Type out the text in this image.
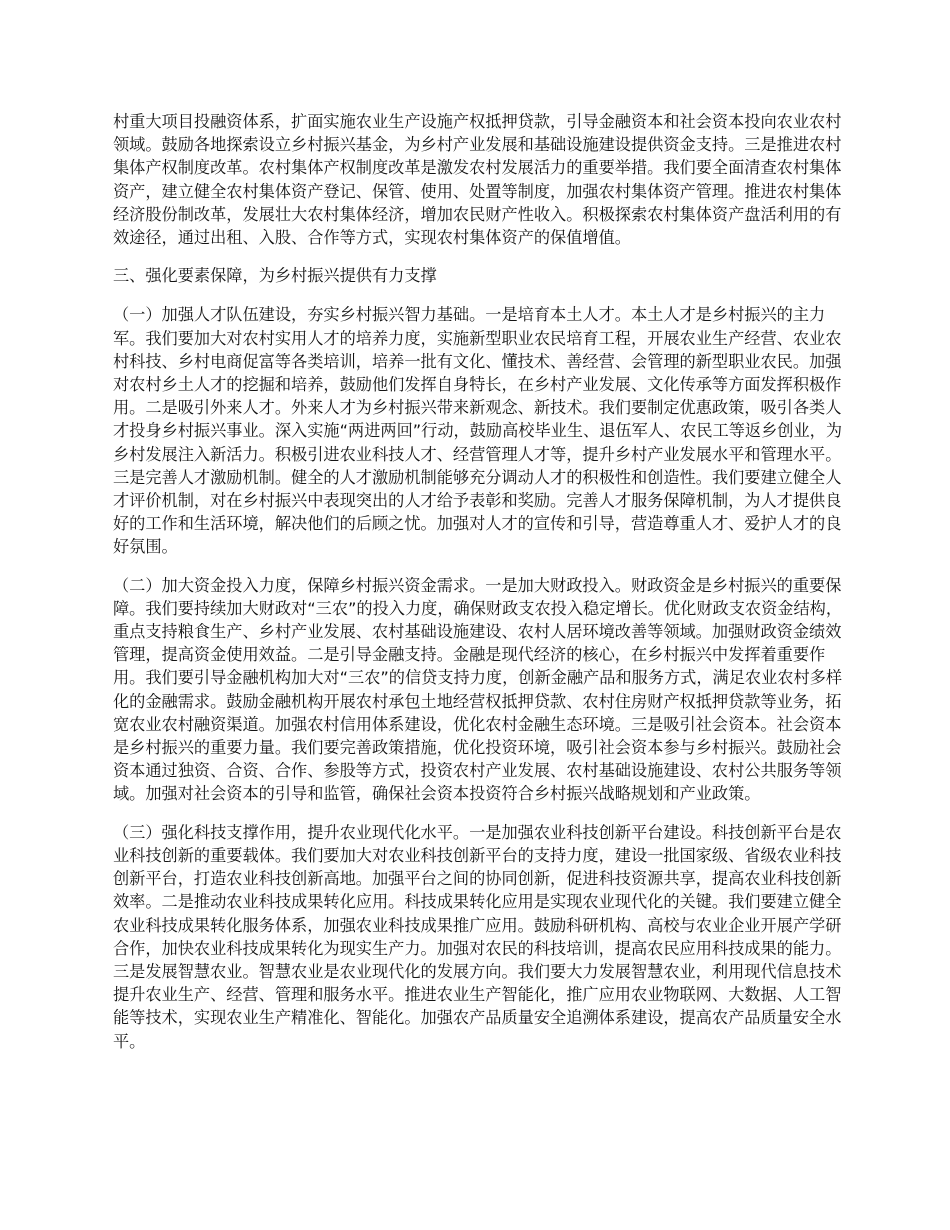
村重大项目投融资体系，扩面实施农业生产设施产权抵押贷款，引导金融资本和社会资本投向农业农村领域。鼓励各地探索设立乡村振兴基金，为乡村产业发展和基础设施建设提供资金支持。三是推进农村集体产权制度改革。农村集体产权制度改革是激发农村发展活力的重要举措。我们要全面清查农村集体资产，建立健全农村集体资产登记、保管、使用、处置等制度，加强农村集体资产管理。推进农村集体经济股份制改革，发展壮大农村集体经济，增加农民财产性收入。积极探索农村集体资产盘活利用的有效途径，通过出租、入股、合作等方式，实现农村集体资产的保值增值。

三、强化要素保障，为乡村振兴提供有力支撑

（一）加强人才队伍建设，夯实乡村振兴智力基础。一是培育本土人才。本土人才是乡村振兴的主力军。我们要加大对农村实用人才的培养力度，实施新型职业农民培育工程，开展农业生产经营、农业农村科技、乡村电商促富等各类培训，培养一批有文化、懂技术、善经营、会管理的新型职业农民。加强对农村乡土人才的挖掘和培养，鼓励他们发挥自身特长，在乡村产业发展、文化传承等方面发挥积极作用。二是吸引外来人才。外来人才为乡村振兴带来新观念、新技术。我们要制定优惠政策，吸引各类人才投身乡村振兴事业。深入实施“两进两回”行动，鼓励高校毕业生、退伍军人、农民工等返乡创业，为乡村发展注入新活力。积极引进农业科技人才、经营管理人才等，提升乡村产业发展水平和管理水平。三是完善人才激励机制。健全的人才激励机制能够充分调动人才的积极性和创造性。我们要建立健全人才评价机制，对在乡村振兴中表现突出的人才给予表彰和奖励。完善人才服务保障机制，为人才提供良好的工作和生活环境，解决他们的后顾之忧。加强对人才的宣传和引导，营造尊重人才、爱护人才的良好氛围。

（二）加大资金投入力度，保障乡村振兴资金需求。一是加大财政投入。财政资金是乡村振兴的重要保障。我们要持续加大财政对“三农”的投入力度，确保财政支农投入稳定增长。优化财政支农资金结构，重点支持粮食生产、乡村产业发展、农村基础设施建设、农村人居环境改善等领域。加强财政资金绩效管理，提高资金使用效益。二是引导金融支持。金融是现代经济的核心，在乡村振兴中发挥着重要作用。我们要引导金融机构加大对“三农”的信贷支持力度，创新金融产品和服务方式，满足农业农村多样化的金融需求。鼓励金融机构开展农村承包土地经营权抵押贷款、农村住房财产权抵押贷款等业务，拓宽农业农村融资渠道。加强农村信用体系建设，优化农村金融生态环境。三是吸引社会资本。社会资本是乡村振兴的重要力量。我们要完善政策措施，优化投资环境，吸引社会资本参与乡村振兴。鼓励社会资本通过独资、合资、合作、参股等方式，投资农村产业发展、农村基础设施建设、农村公共服务等领域。加强对社会资本的引导和监管，确保社会资本投资符合乡村振兴战略规划和产业政策。

（三）强化科技支撑作用，提升农业现代化水平。一是加强农业科技创新平台建设。科技创新平台是农业科技创新的重要载体。我们要加大对农业科技创新平台的支持力度，建设一批国家级、省级农业科技创新平台，打造农业科技创新高地。加强平台之间的协同创新，促进科技资源共享，提高农业科技创新效率。二是推动农业科技成果转化应用。科技成果转化应用是实现农业现代化的关键。我们要建立健全农业科技成果转化服务体系，加强农业科技成果推广应用。鼓励科研机构、高校与农业企业开展产学研合作，加快农业科技成果转化为现实生产力。加强对农民的科技培训，提高农民应用科技成果的能力。三是发展智慧农业。智慧农业是农业现代化的发展方向。我们要大力发展智慧农业，利用现代信息技术提升农业生产、经营、管理和服务水平。推进农业生产智能化，推广应用农业物联网、大数据、人工智能等技术，实现农业生产精准化、智能化。加强农产品质量安全追溯体系建设，提高农产品质量安全水平。
